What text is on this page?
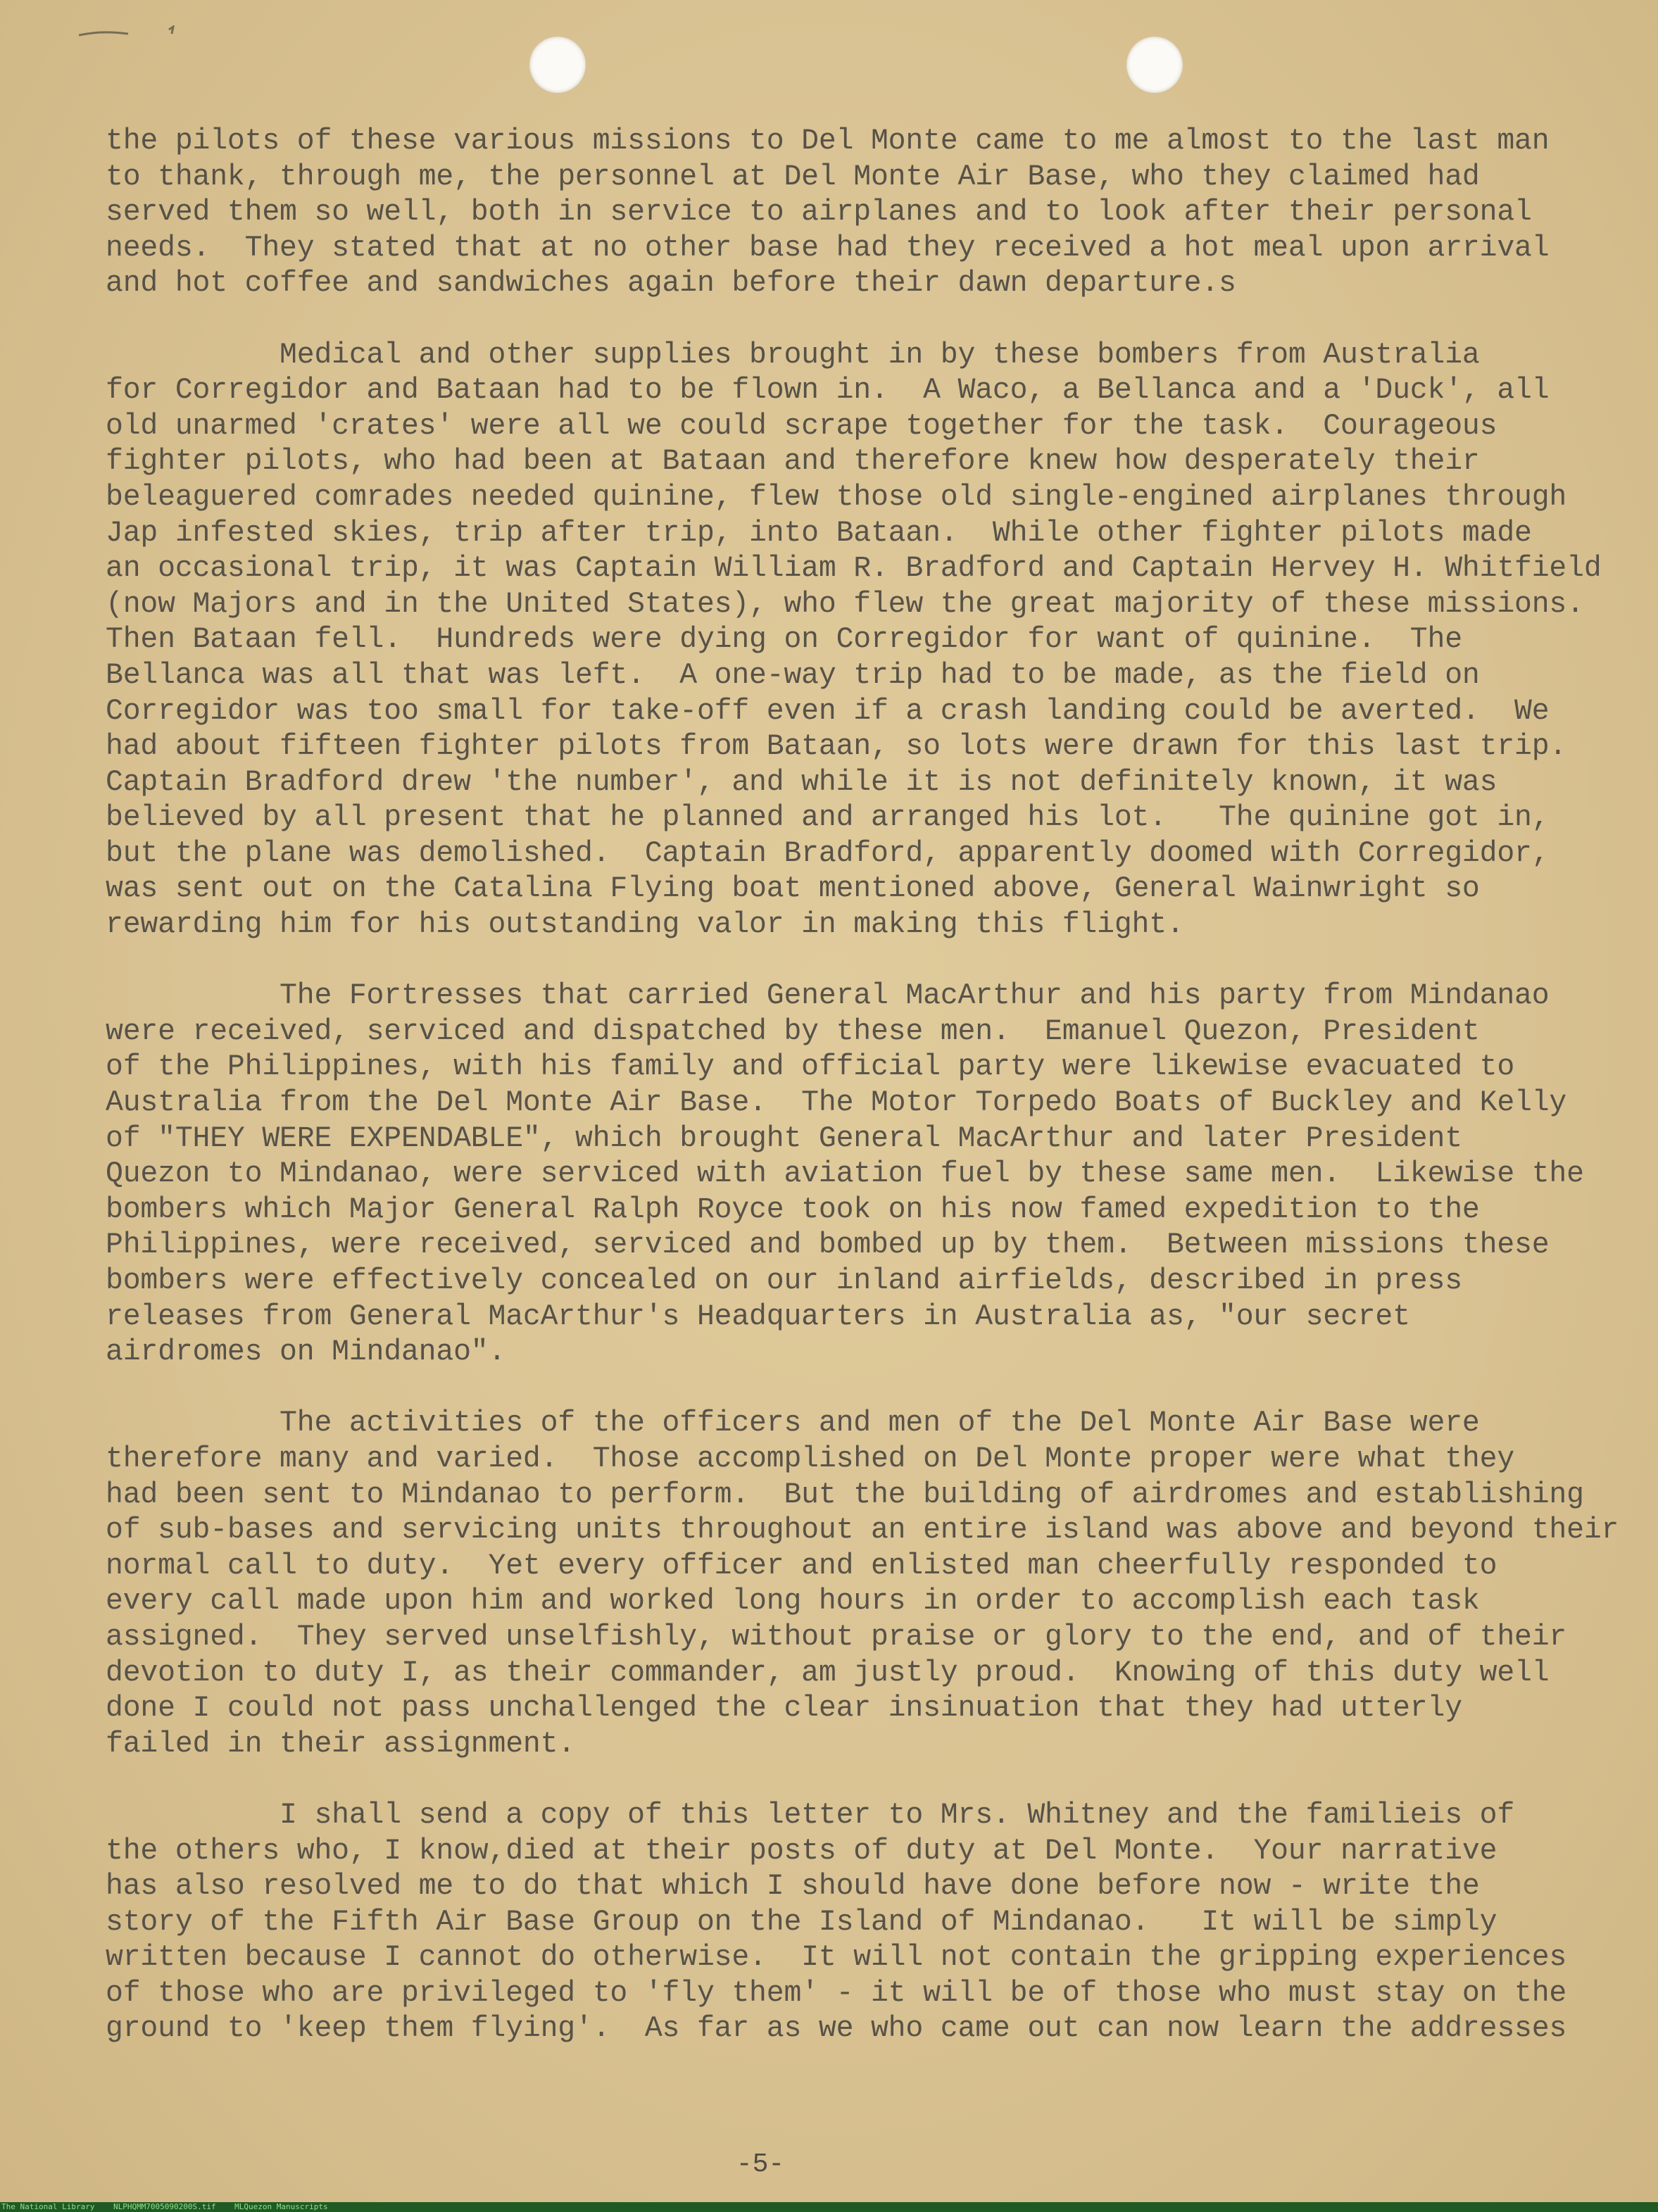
the pilots of these various missions to Del Monte came to me almost to the last man
to thank, through me, the personnel at Del Monte Air Base, who they claimed had
served them so well, both in service to airplanes and to look after their personal
needs.  They stated that at no other base had they received a hot meal upon arrival
and hot coffee and sandwiches again before their dawn departure.s
Medical and other supplies brought in by these bombers from Australia
for Corregidor and Bataan had to be flown in.  A Waco, a Bellanca and a 'Duck', all
old unarmed 'crates' were all we could scrape together for the task.  Courageous
fighter pilots, who had been at Bataan and therefore knew how desperately their
beleaguered comrades needed quinine, flew those old single-engined airplanes through
Jap infested skies, trip after trip, into Bataan.  While other fighter pilots made
an occasional trip, it was Captain William R. Bradford and Captain Hervey H. Whitfield
(now Majors and in the United States), who flew the great majority of these missions.
Then Bataan fell.  Hundreds were dying on Corregidor for want of quinine.  The
Bellanca was all that was left.  A one-way trip had to be made, as the field on
Corregidor was too small for take-off even if a crash landing could be averted.  We
had about fifteen fighter pilots from Bataan, so lots were drawn for this last trip.
Captain Bradford drew 'the number', and while it is not definitely known, it was
believed by all present that he planned and arranged his lot.   The quinine got in,
but the plane was demolished.  Captain Bradford, apparently doomed with Corregidor,
was sent out on the Catalina Flying boat mentioned above, General Wainwright so
rewarding him for his outstanding valor in making this flight.
The Fortresses that carried General MacArthur and his party from Mindanao
were received, serviced and dispatched by these men.  Emanuel Quezon, President
of the Philippines, with his family and official party were likewise evacuated to
Australia from the Del Monte Air Base.  The Motor Torpedo Boats of Buckley and Kelly
of "THEY WERE EXPENDABLE", which brought General MacArthur and later President
Quezon to Mindanao, were serviced with aviation fuel by these same men.  Likewise the
bombers which Major General Ralph Royce took on his now famed expedition to the
Philippines, were received, serviced and bombed up by them.  Between missions these
bombers were effectively concealed on our inland airfields, described in press
releases from General MacArthur's Headquarters in Australia as, "our secret
airdromes on Mindanao".
The activities of the officers and men of the Del Monte Air Base were
therefore many and varied.  Those accomplished on Del Monte proper were what they
had been sent to Mindanao to perform.  But the building of airdromes and establishing
of sub-bases and servicing units throughout an entire island was above and beyond their
normal call to duty.  Yet every officer and enlisted man cheerfully responded to
every call made upon him and worked long hours in order to accomplish each task
assigned.  They served unselfishly, without praise or glory to the end, and of their
devotion to duty I, as their commander, am justly proud.  Knowing of this duty well
done I could not pass unchallenged the clear insinuation that they had utterly
failed in their assignment.
I shall send a copy of this letter to Mrs. Whitney and the familieis of
the others who, I know,died at their posts of duty at Del Monte.  Your narrative
has also resolved me to do that which I should have done before now - write the
story of the Fifth Air Base Group on the Island of Mindanao.   It will be simply
written because I cannot do otherwise.  It will not contain the gripping experiences
of those who are privileged to 'fly them' - it will be of those who must stay on the
ground to 'keep them flying'.  As far as we who came out can now learn the addresses
-5-
The National Library NLPHQMM7005090200S.tif MLQuezon Manuscripts
